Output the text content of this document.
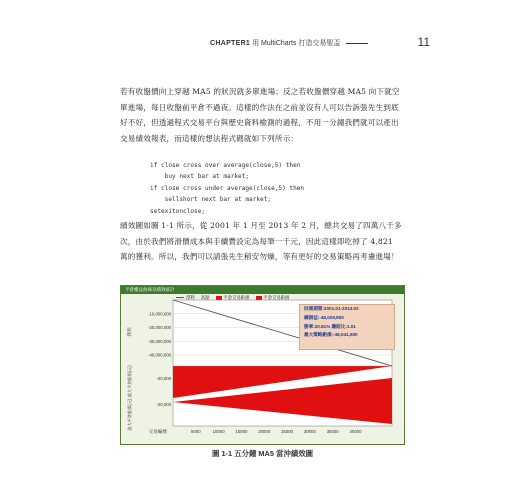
CHAPTER1 用 MultiCharts 打造交易聖盃	11
若有收盤價向上穿越 MA5 的狀況就多單進場；反之若收盤價穿越 MA5 向下就空單進場，每日收盤前平倉不過夜。這樣的作法在之前並沒有人可以告訴張先生到底好不好，但透過程式交易平台與歷史資料檢測的過程，不用一分鐘我們就可以產出交易績效報表，而這樣的想法程式碼就如下列所示：
if close cross over average(close,5) then
buy next bar at market;
if close cross under average(close,5) then
sellshort next bar at market;
setexitonclose;
績效圖如圖 1-1 所示，從 2001 年 1 月至 2013 年 2 月，總共交易了四萬八千多次，由於我們將滑價成本與手續費設定為每筆一千元，因此這樣即吃掉了 4,821 萬的獲利。所以，我們可以請張先生稍安勿燥，等有更好的交易策略再考慮進場！
平倉權益曲線及績效統計
淨利 高點	平倉交易虧損	平倉交易虧損
-10,000,000
-20,000,000
-30,000,000
-40,000,000
-20,000
-20,000
5000	10000	15000	20000	25000	30000	35000	40000
交易編號
淨利
最大平倉虧損(元) 最大平倉虧損(元)
回測期間:2001.01-2013.02
總損益:-48,029,800
勝率:20.81% 賺賠比:1.01
最大策略虧損:-48,041,600
圖 1-1 五分鐘 MA5 當沖績效圖
